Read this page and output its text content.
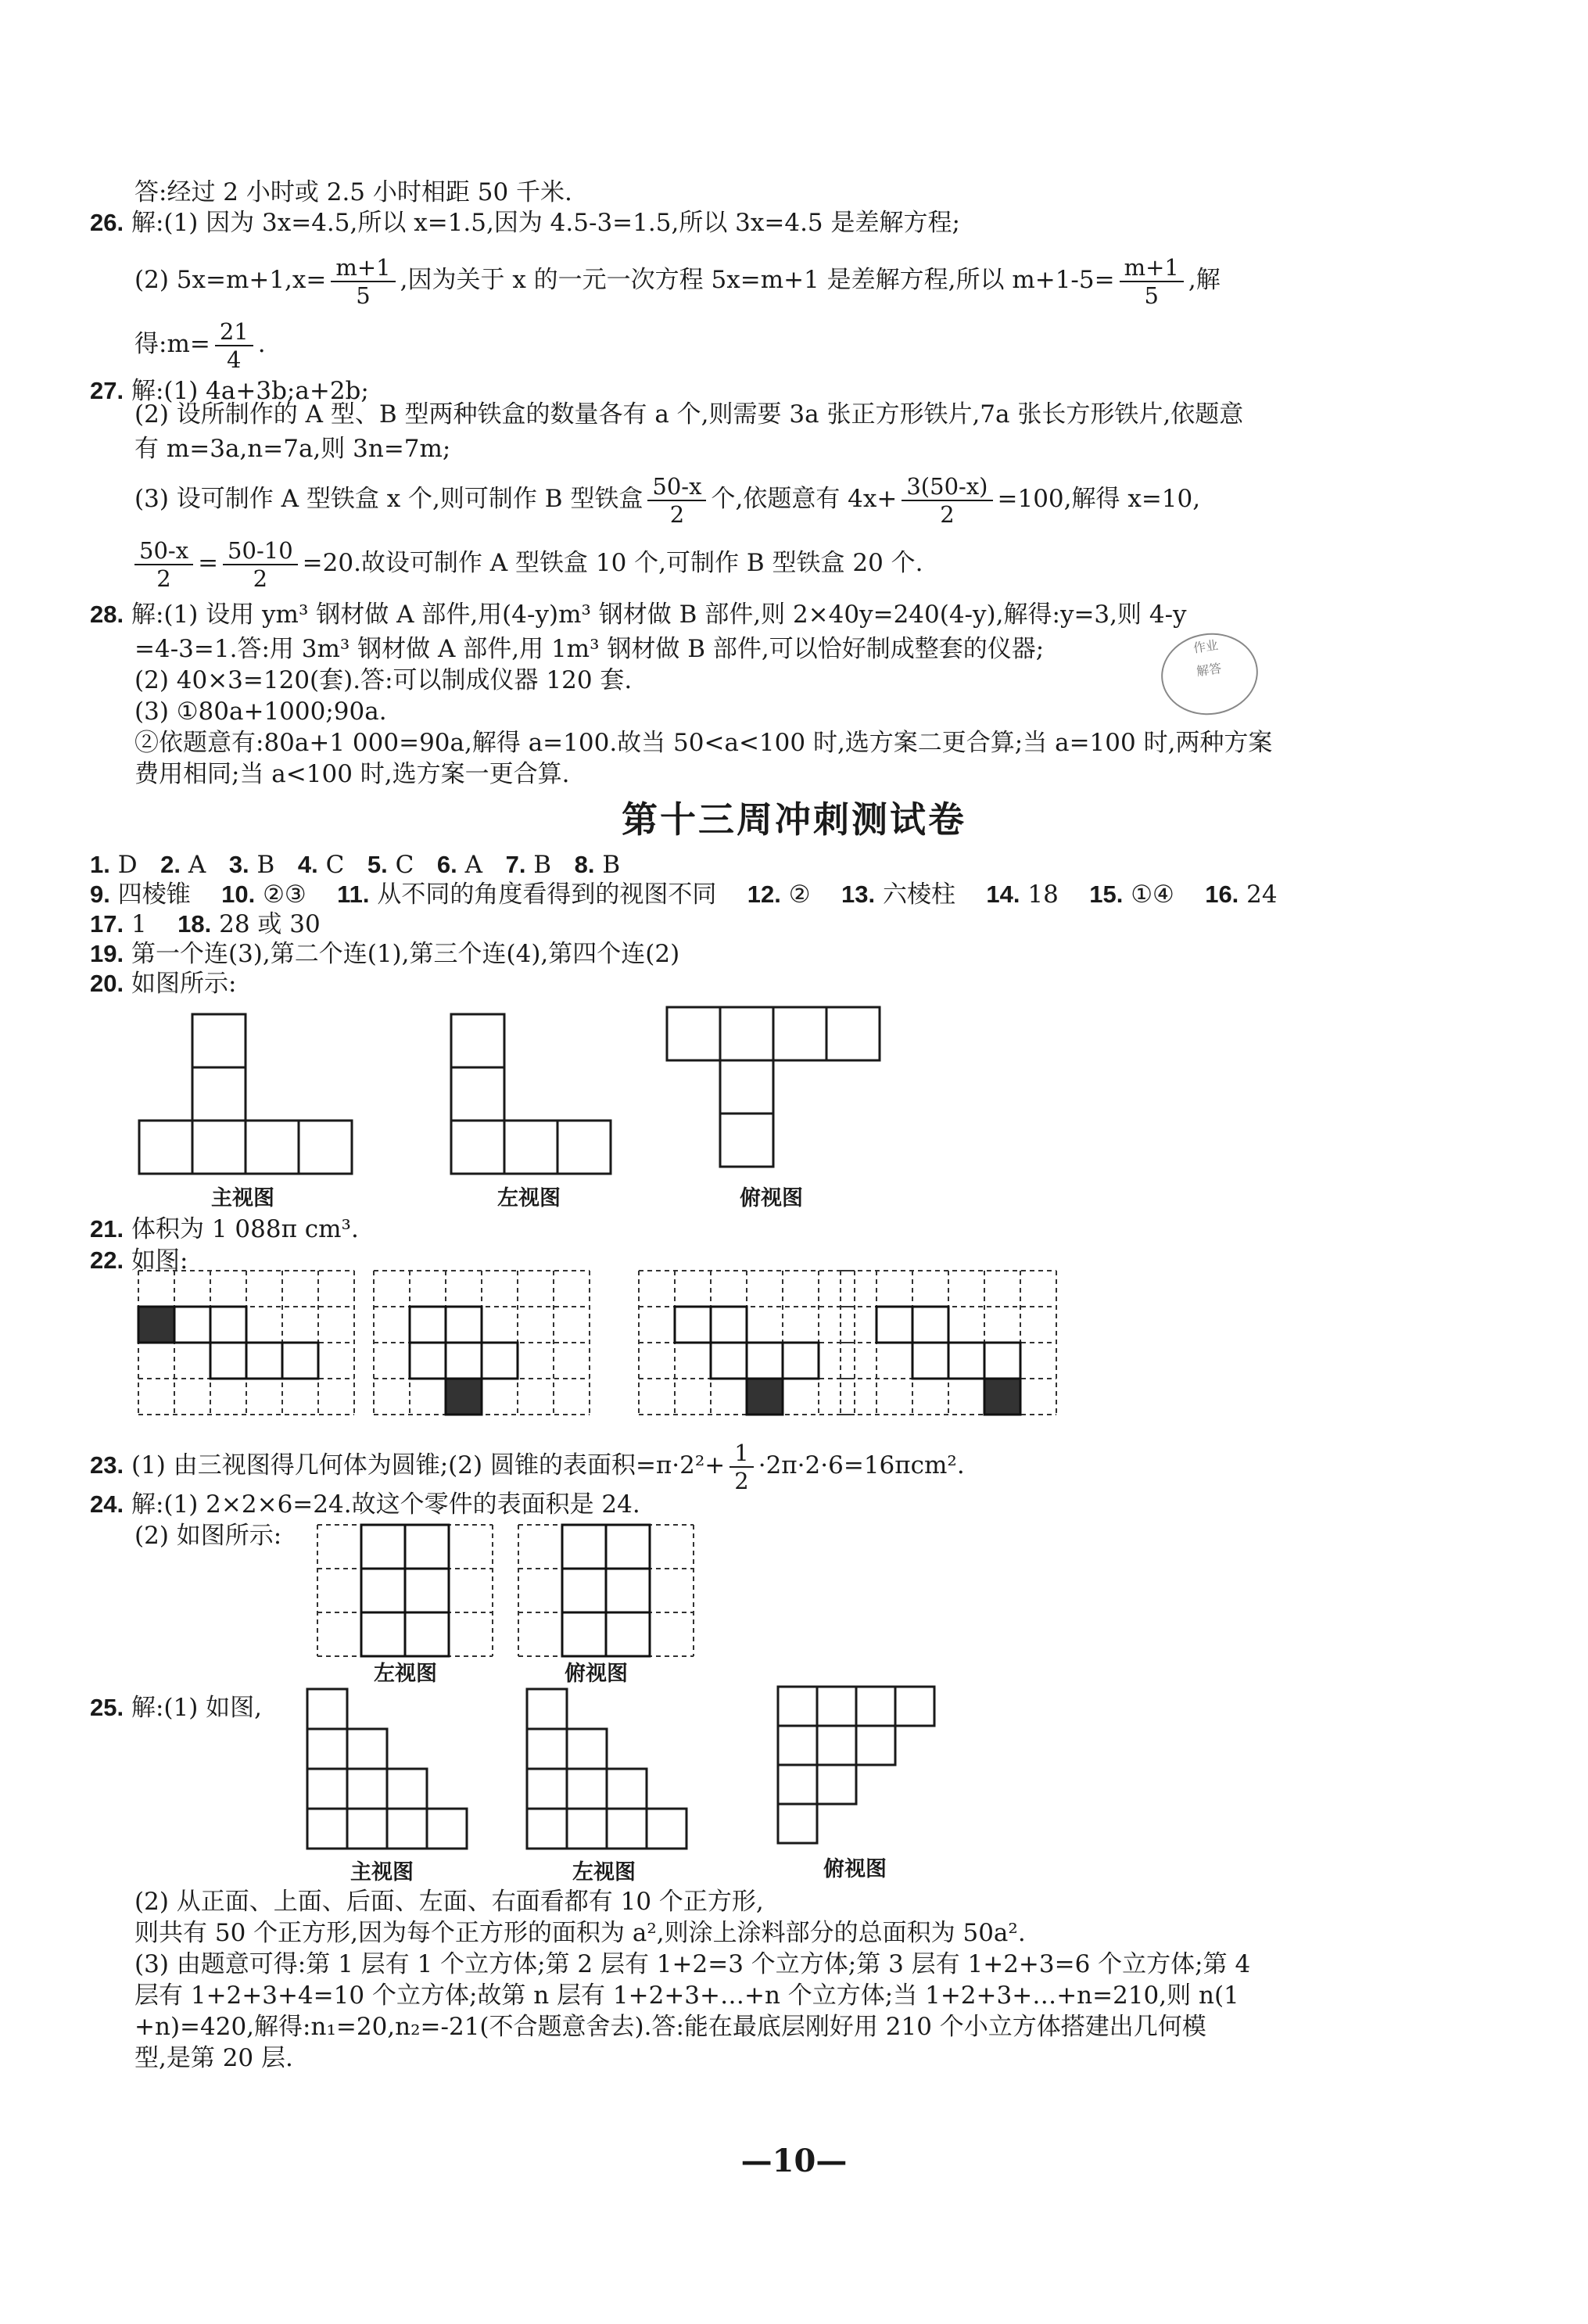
答:经过 2 小时或 2.5 小时相距 50 千米.
26. 解:(1) 因为 3x=4.5,所以 x=1.5,因为 4.5-3=1.5,所以 3x=4.5 是差解方程;
(2) $5x=m+1,x= \frac{m+1}{5}$ ,因为关于 x 的一元一次方程 5x=m+1 是差解方程,所以 $m+1-5= \frac{m+1}{5}$ ,解
得:m= $\frac{21}{4}$ .
27. 解:(1) 4a+3b;a+2b;
(2) 设所制作的 A 型、B 型两种铁盒的数量各有 a 个,则需要 3a 张正方形铁片,7a 张长方形铁片,依题意
有 m=3a,n=7a,则 3n=7m;
(3) 设可制作 A 型铁盒 x 个,则可制作 B 型铁盒 $\frac{50-x}{2}$ 个,依题意有 $4x+ \frac{3(50-x)}{2} =100$,解得 x=10,
$\frac{50-x}{2} = \frac{50-10}{2} =20$.故设可制作 A 型铁盒 10 个,可制作 B 型铁盒 20 个.
28. 解:(1) 设用 ym³ 钢材做 A 部件,用(4-y)m³ 钢材做 B 部件,则 2×40y=240(4-y),解得:y=3,则 4-y
=4-3=1.答:用 3m³ 钢材做 A 部件,用 1m³ 钢材做 B 部件,可以恰好制成整套的仪器;
(2) 40×3=120(套).答:可以制成仪器 120 套.
(3) ①80a+1000;90a.
②依题意有:80a+1 000=90a,解得 a=100.故当 50<a<100 时,选方案二更合算;当 a=100 时,两种方案
费用相同;当 a<100 时,选方案一更合算.
作业
解答
第十三周冲刺测试卷
1. D 2. A 3. B 4. C 5. C 6. A 7. B 8. B
9. 四棱锥 10. ②③ 11. 从不同的角度看得到的视图不同 12. ② 13. 六棱柱 14. 18 15. ①④ 16. 24
17. 1 18. 28 或 30
19. 第一个连(3),第二个连(1),第三个连(4),第四个连(2)
20. 如图所示:
主视图	左视图	俯视图
21. 体积为 1 088π cm³.
22. 如图:
23. (1) 由三视图得几何体为圆锥;(2) 圆锥的表面积$=\pi\cdot 2^2+ \frac{1}{2} \cdot 2\pi\cdot 2\cdot 6=16\pi cm^2$.
24. 解:(1) 2×2×6=24.故这个零件的表面积是 24.
(2) 如图所示:
左视图	俯视图
25. 解:(1) 如图,
主视图	左视图	俯视图
(2) 从正面、上面、后面、左面、右面看都有 10 个正方形,
则共有 50 个正方形,因为每个正方形的面积为 a²,则涂上涂料部分的总面积为 50a².
(3) 由题意可得:第 1 层有 1 个立方体;第 2 层有 1+2=3 个立方体;第 3 层有 1+2+3=6 个立方体;第 4
层有 1+2+3+4=10 个立方体;故第 n 层有 1+2+3+…+n 个立方体;当 1+2+3+…+n=210,则 n(1
+n)=420,解得:n₁=20,n₂=-21(不合题意舍去).答:能在最底层刚好用 210 个小立方体搭建出几何模
型,是第 20 层.
—10—
